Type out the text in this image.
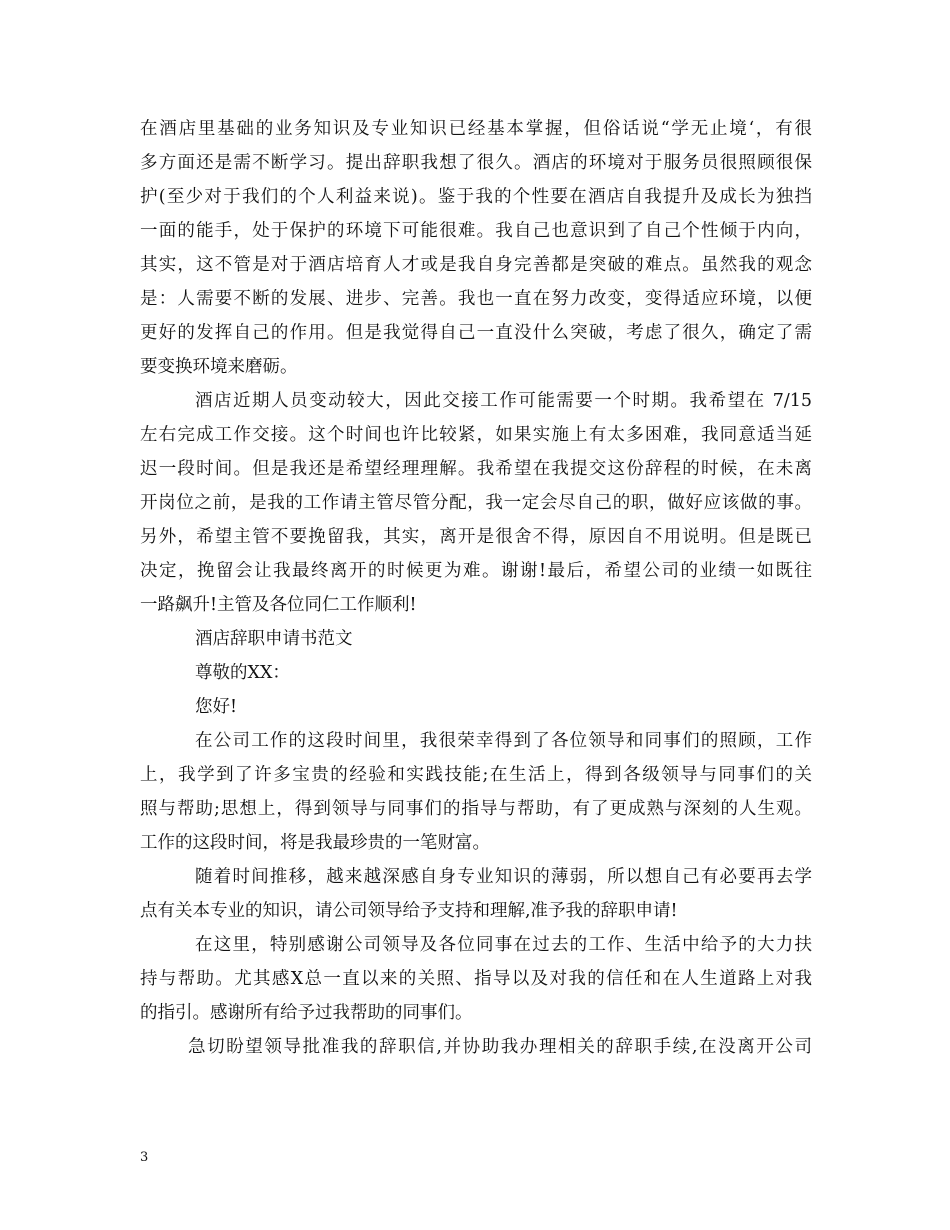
在酒店里基础的业务知识及专业知识已经基本掌握，但俗话说“学无止境‘，有很
多方面还是需不断学习。提出辞职我想了很久。酒店的环境对于服务员很照顾很保
护(至少对于我们的个人利益来说)。鉴于我的个性要在酒店自我提升及成长为独挡
一面的能手，处于保护的环境下可能很难。我自己也意识到了自己个性倾于内向，
其实，这不管是对于酒店培育人才或是我自身完善都是突破的难点。虽然我的观念
是：人需要不断的发展、进步、完善。我也一直在努力改变，变得适应环境，以便
更好的发挥自己的作用。但是我觉得自己一直没什么突破，考虑了很久，确定了需
要变换环境来磨砺。
酒店近期人员变动较大，因此交接工作可能需要一个时期。我希望在 7/15
左右完成工作交接。这个时间也许比较紧，如果实施上有太多困难，我同意适当延
迟一段时间。但是我还是希望经理理解。我希望在我提交这份辞程的时候，在未离
开岗位之前，是我的工作请主管尽管分配，我一定会尽自己的职，做好应该做的事。
另外，希望主管不要挽留我，其实，离开是很舍不得，原因自不用说明。但是既已
决定，挽留会让我最终离开的时候更为难。谢谢!最后，希望公司的业绩一如既往
一路飙升!主管及各位同仁工作顺利!
酒店辞职申请书范文
尊敬的XX：
您好!
在公司工作的这段时间里，我很荣幸得到了各位领导和同事们的照顾，工作
上，我学到了许多宝贵的经验和实践技能;在生活上，得到各级领导与同事们的关
照与帮助;思想上，得到领导与同事们的指导与帮助，有了更成熟与深刻的人生观。
工作的这段时间，将是我最珍贵的一笔财富。
随着时间推移，越来越深感自身专业知识的薄弱，所以想自己有必要再去学
点有关本专业的知识，请公司领导给予支持和理解,准予我的辞职申请!
在这里，特别感谢公司领导及各位同事在过去的工作、生活中给予的大力扶
持与帮助。尤其感X总一直以来的关照、指导以及对我的信任和在人生道路上对我
的指引。感谢所有给予过我帮助的同事们。
急切盼望领导批准我的辞职信,并协助我办理相关的辞职手续,在没离开公司
3
